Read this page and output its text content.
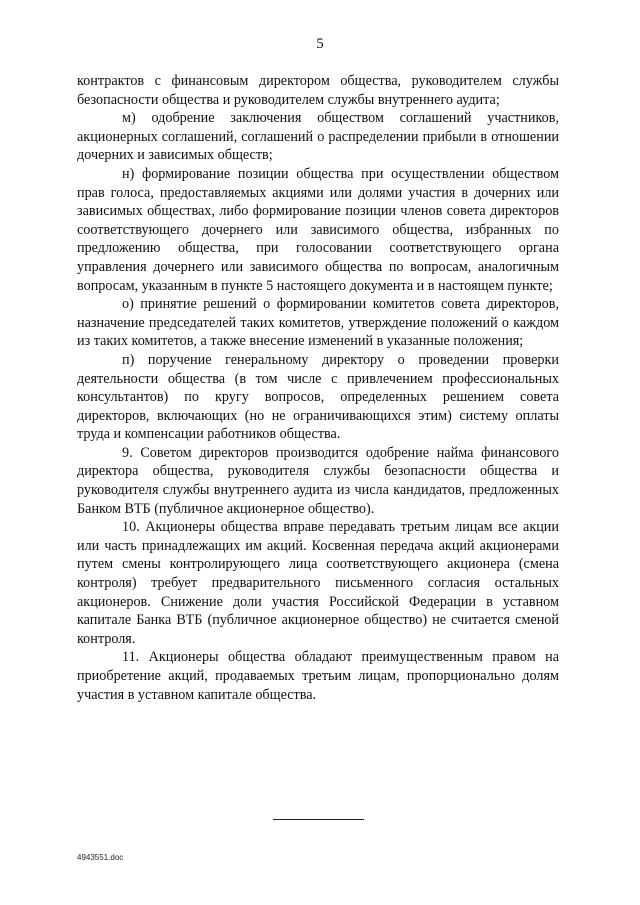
5

контрактов с финансовым директором общества, руководителем службы безопасности общества и руководителем службы внутреннего аудита;

м) одобрение заключения обществом соглашений участников, акционерных соглашений, соглашений о распределении прибыли в отношении дочерних и зависимых обществ;

н) формирование позиции общества при осуществлении обществом прав голоса, предоставляемых акциями или долями участия в дочерних или зависимых обществах, либо формирование позиции членов совета директоров соответствующего дочернего или зависимого общества, избранных по предложению общества, при голосовании соответствующего органа управления дочернего или зависимого общества по вопросам, аналогичным вопросам, указанным в пункте 5 настоящего документа и в настоящем пункте;

о) принятие решений о формировании комитетов совета директоров, назначение председателей таких комитетов, утверждение положений о каждом из таких комитетов, а также внесение изменений в указанные положения;

п) поручение генеральному директору о проведении проверки деятельности общества (в том числе с привлечением профессиональных консультантов) по кругу вопросов, определенных решением совета директоров, включающих (но не ограничивающихся этим) систему оплаты труда и компенсации работников общества.

9. Советом директоров производится одобрение найма финансового директора общества, руководителя службы безопасности общества и руководителя службы внутреннего аудита из числа кандидатов, предложенных Банком ВТБ (публичное акционерное общество).

10. Акционеры общества вправе передавать третьим лицам все акции или часть принадлежащих им акций. Косвенная передача акций акционерами путем смены контролирующего лица соответствующего акционера (смена контроля) требует предварительного письменного согласия остальных акционеров. Снижение доли участия Российской Федерации в уставном капитале Банка ВТБ (публичное акционерное общество) не считается сменой контроля.

11. Акционеры общества обладают преимущественным правом на приобретение акций, продаваемых третьим лицам, пропорционально долям участия в уставном капитале общества.

4943551.doc
